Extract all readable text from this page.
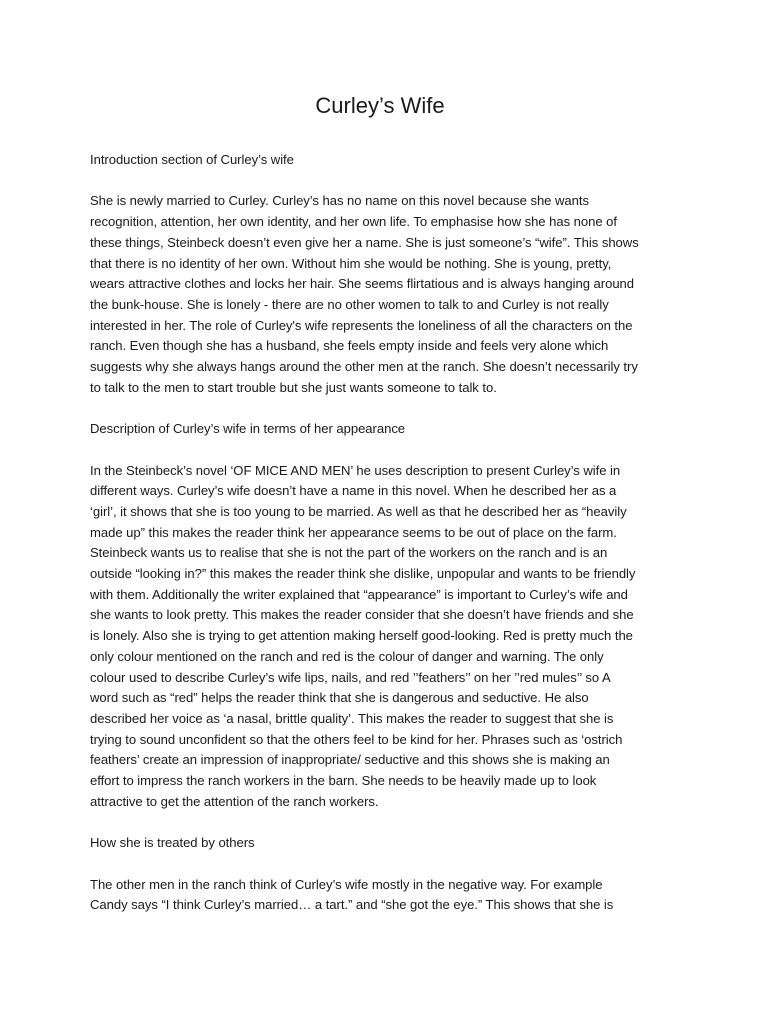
Curley’s Wife

Introduction section of Curley’s wife

She is newly married to Curley. Curley’s has no name on this novel because she wants
recognition, attention, her own identity, and her own life. To emphasise how she has none of
these things, Steinbeck doesn’t even give her a name. She is just someone’s “wife”. This shows
that there is no identity of her own. Without him she would be nothing. She is young, pretty,
wears attractive clothes and locks her hair. She seems flirtatious and is always hanging around
the bunk-house. She is lonely - there are no other women to talk to and Curley is not really
interested in her. The role of Curley's wife represents the loneliness of all the characters on the
ranch. Even though she has a husband, she feels empty inside and feels very alone which
suggests why she always hangs around the other men at the ranch. She doesn’t necessarily try
to talk to the men to start trouble but she just wants someone to talk to.

Description of Curley’s wife in terms of her appearance

In the Steinbeck’s novel ‘OF MICE AND MEN’ he uses description to present Curley’s wife in
different ways. Curley’s wife doesn’t have a name in this novel. When he described her as a
‘girl’, it shows that she is too young to be married. As well as that he described her as “heavily
made up” this makes the reader think her appearance seems to be out of place on the farm.
Steinbeck wants us to realise that she is not the part of the workers on the ranch and is an
outside “looking in?” this makes the reader think she dislike, unpopular and wants to be friendly
with them. Additionally the writer explained that “appearance” is important to Curley’s wife and
she wants to look pretty. This makes the reader consider that she doesn’t have friends and she
is lonely. Also she is trying to get attention making herself good-looking. Red is pretty much the
only colour mentioned on the ranch and red is the colour of danger and warning. The only
colour used to describe Curley’s wife lips, nails, and red ’’feathers’’ on her ’’red mules’’ so A
word such as “red” helps the reader think that she is dangerous and seductive. He also
described her voice as ‘a nasal, brittle quality’. This makes the reader to suggest that she is
trying to sound unconfident so that the others feel to be kind for her. Phrases such as ‘ostrich
feathers’ create an impression of inappropriate/ seductive and this shows she is making an
effort to impress the ranch workers in the barn. She needs to be heavily made up to look
attractive to get the attention of the ranch workers.

How she is treated by others

The other men in the ranch think of Curley’s wife mostly in the negative way. For example
Candy says “I think Curley’s married… a tart.” and “she got the eye.” This shows that she is
